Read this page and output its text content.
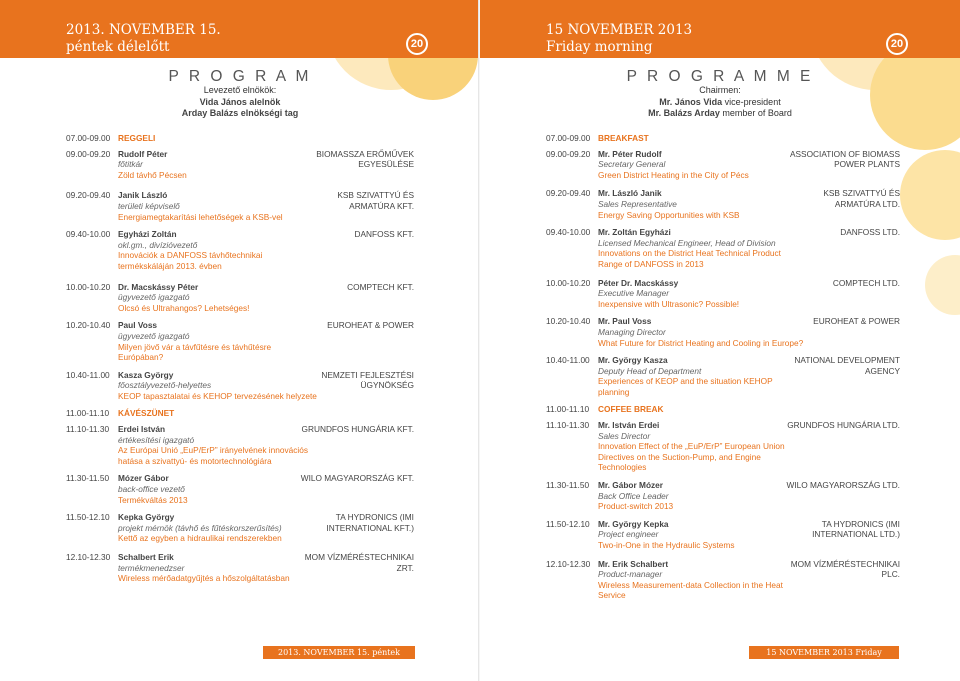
2013. NOVEMBER 15.
péntek délelőtt	20
P R O G R A M
Levezető elnökök:
Vida János alelnök
Arday Balázs elnökségi tag
07.00-09.00 REGGELI
09.00-09.20 Rudolf Péter
főtitkár
Zöld távhő Pécsen
BIOMASSZA ERŐMŰVEK EGYESÜLÉSE
09.20-09.40 Janik László
területi képviselő
Energiamegtakarítási lehetőségek a KSB-vel
KSB SZIVATTYÚ ÉS ARMATÚRA KFT.
09.40-10.00 Egyházi Zoltán
okl.gm., divízióvezető
Innovációk a DANFOSS távhőtechnikai termékskáláján 2013. évben
DANFOSS KFT.
10.00-10.20 Dr. Macskássy Péter
ügyvezető igazgató
Olcsó és Ultrahangos? Lehetséges!
COMPTECH KFT.
10.20-10.40 Paul Voss
ügyvezető igazgató
Milyen jövő vár a távfűtésre és távhűtésre Európában?
EUROHEAT & POWER
10.40-11.00	Kasza György
főosztályvezető-helyettes
KEOP tapasztalatai és KEHOP tervezésének helyzete
NEMZETI FEJLESZTÉSI ÜGYNÖKSÉG
11.00-11.10	KÁVÉSZÜNET
11.10-11.30	Erdei István
értékesítési igazgató
Az Európai Unió „EuP/ErP” irányelvének innovációs hatása a szivattyú- és motortechnológiára
GRUNDFOS HUNGÁRIA KFT.
11.30-11.50	Mózer Gábor
back-office vezető
Termékváltás 2013
WILO MAGYARORSZÁG KFT.
11.50-12.10	Kepka György
projekt mérnök (távhő és fűtéskorszerűsítés)
Kettő az egyben a hidraulikai rendszerekben
TA HYDRONICS (IMI INTERNATIONAL KFT.)
12.10-12.30 Schalbert Erik
termékmenedzser
Wireless mérőadatgyűjtés a hőszolgáltatásban
MOM VÍZMÉRÉSTECHNIKAI ZRT.
2013. NOVEMBER 15. péntek délelőtt
15 NOVEMBER 2013
Friday morning	20
P R O G R A M M E
Chairmen:
Mr. János Vida vice-president
Mr. Balázs Arday member of Board
07.00-09.00 BREAKFAST
09.00-09.20 Mr. Péter Rudolf
Secretary General
Green District Heating in the City of Pécs
ASSOCIATION OF BIOMASS POWER PLANTS
09.20-09.40 Mr. László Janik
Sales Representative
Energy Saving Opportunities with KSB
KSB SZIVATTYÚ ÉS ARMATÚRA LTD.
09.40-10.00 Mr. Zoltán Egyházi
Licensed Mechanical Engineer, Head of Division
Innovations on the District Heat Technical Product Range of DANFOSS in 2013
DANFOSS LTD.
10.00-10.20 Péter Dr. Macskássy
Executive Manager
Inexpensive with Ultrasonic? Possible!
COMPTECH LTD.
10.20-10.40 Mr. Paul Voss
Managing Director
What Future for District Heating and Cooling in Europe?
EUROHEAT & POWER
10.40-11.00	Mr. György Kasza
Deputy Head of Department
Experiences of KEOP and the situation KEHOP planning
NATIONAL DEVELOPMENT AGENCY
11.00-11.10	COFFEE BREAK
11.10-11.30	Mr. István Erdei
Sales Director
Innovation Effect of the „EuP/ErP” European Union Directives on the Suction-Pump, and Engine Technologies
GRUNDFOS HUNGÁRIA LTD.
11.30-11.50	Mr. Gábor Mózer
Back Office Leader
Product-switch 2013
WILO MAGYARORSZÁG LTD.
11.50-12.10	Mr. György Kepka
Project engineer
Two-in-One in the Hydraulic Systems
TA HYDRONICS (IMI INTERNATIONAL LTD.)
12.10-12.30 Mr. Erik Schalbert
Product-manager
Wireless Measurement-data Collection in the Heat Service
MOM VÍZMÉRÉSTECHNIKAI PLC.
15 NOVEMBER 2013 Friday morning
